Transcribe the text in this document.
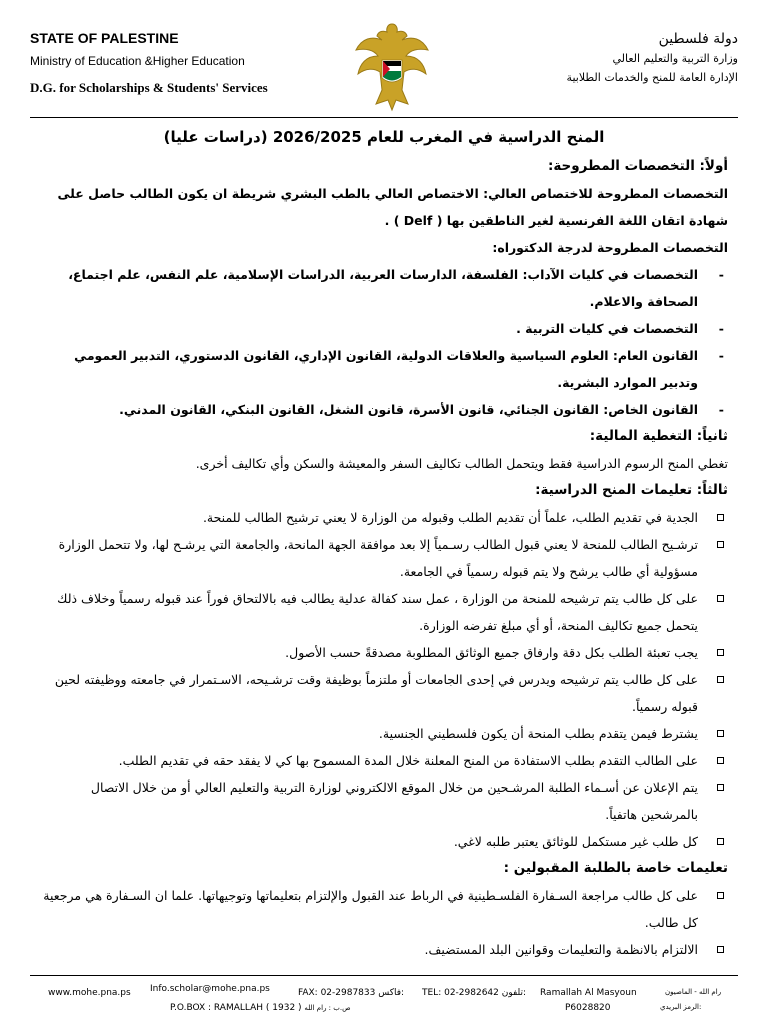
STATE OF PALESTINE
Ministry of Education &Higher Education
D.G. for Scholarships & Students' Services
دولة فلسطين
وزارة التربية والتعليم العالي
الإدارة العامة للمنح والخدمات الطلابية
المنح الدراسية في المغرب للعام 2026/2025 (دراسات عليا)
أولاً: التخصصات المطروحة:
التخصصات المطروحة للاختصاص العالي: الاختصاص العالي بالطب البشري شريطة ان يكون الطالب حاصل على شهادة اتقان اللغة الفرنسية لغير الناطقين بها ( Delf ) .
التخصصات المطروحة لدرجة الدكتوراه:
- التخصصات في كليات الآداب: الفلسفة، الدارسات العربية، الدراسات الإسلامية، علم النفس، علم اجتماع، الصحافة والاعلام.
- التخصصات في كليات التربية .
- القانون العام: العلوم السياسية والعلاقات الدولية، القانون الإداري، القانون الدستوري، التدبير العمومي وتدبير الموارد البشرية.
- القانون الخاص: القانون الجنائي، قانون الأسرة، قانون الشغل، القانون البنكي، القانون المدني.
ثانياً: التغطية المالية:
تغطي المنح الرسوم الدراسية فقط ويتحمل الطالب تكاليف السفر والمعيشة والسكن وأي تكاليف أخرى.
ثالثاً: تعليمات المنح الدراسية:
الجدية في تقديم الطلب، علماً أن تقديم الطلب وقبوله من الوزارة لا يعني ترشيح الطالب للمنحة.
ترشـيح الطالب للمنحة لا يعني قبول الطالب رسـمياً إلا بعد موافقة الجهة المانحة، والجامعة التي يرشـح لها، ولا تتحمل الوزارة مسؤولية أي طالب يرشح ولا يتم قبوله رسمياً في الجامعة.
على كل طالب يتم ترشيحه للمنحة من الوزارة ، عمل سند كفالة عدلية يطالب فيه بالالتحاق فوراً عند قبوله رسمياً وخلاف ذلك يتحمل جميع تكاليف المنحة، أو أي مبلغ تفرضه الوزارة.
يجب تعبئة الطلب بكل دقة وارفاق جميع الوثائق المطلوبة مصدقةً حسب الأصول.
على كل طالب يتم ترشيحه ويدرس في إحدى الجامعات أو ملتزماً بوظيفة وقت ترشـيحه، الاسـتمرار في جامعته ووظيفته لحين قبوله رسمياً.
يشترط فيمن يتقدم بطلب المنحة أن يكون فلسطيني الجنسية.
على الطالب التقدم بطلب الاستفادة من المنح المعلنة خلال المدة المسموح بها كي لا يفقد حقه في تقديم الطلب.
يتم الإعلان عن أسـماء الطلبة المرشـحين من خلال الموقع الالكتروني لوزارة التربية والتعليم العالي أو من خلال الاتصال بالمرشحين هاتفياً.
كل طلب غير مستكمل للوثائق يعتبر طلبه لاغي.
تعليمات خاصة بالطلبة المقبولين :
على كل طالب مراجعة السـفارة الفلسـطينية في الرباط عند القبول والإلتزام بتعليماتها وتوجيهاتها. علما ان السـفارة هي مرجعية كل طالب.
الالتزام بالانظمة والتعليمات وقوانين البلد المستضيف.
www.mohe.pna.ps Info.scholar@mohe.pna.ps	FAX: 02-2987833 فاكس: TEL: 02-2982642 تلفون: Ramallah Al Masyoun	رام الله - الماصيون
P.O.BOX : RAMALLAH ( 1932 ) ص.ب : رام الله	P6028820	الرمز البريدي:
